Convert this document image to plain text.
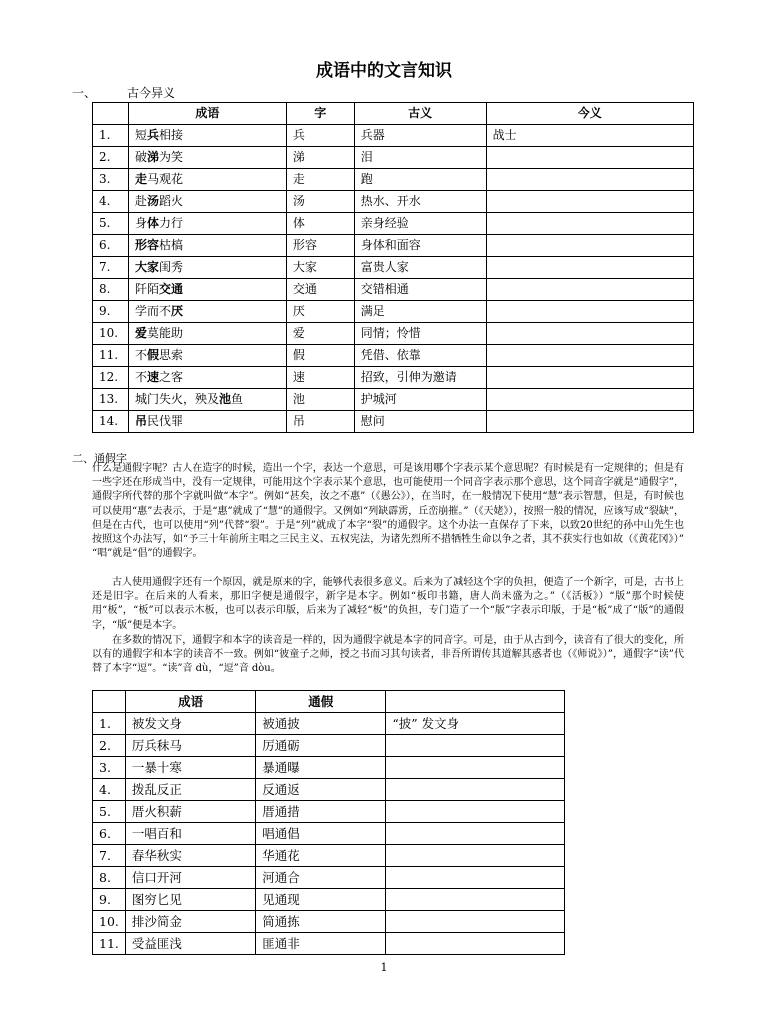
成语中的文言知识
一、	古今异义
	成语	字	古义	今义
1.	短兵相接	兵	兵器	战士
2.	破涕为笑	涕	泪	
3.	走马观花	走	跑	
4.	赴汤蹈火	汤	热水、开水	
5.	身体力行	体	亲身经验	
6.	形容枯槁	形容	身体和面容	
7.	大家闺秀	大家	富贵人家	
8.	阡陌交通	交通	交错相通	
9.	学而不厌	厌	满足	
10.	爱莫能助	爱	同情；怜惜	
11.	不假思索	假	凭借、依靠	
12.	不速之客	速	招致，引伸为邀请	
13.	城门失火，殃及池鱼	池	护城河	
14.	吊民伐罪	吊	慰问	
二、通假字
什么是通假字呢？古人在造字的时候，造出一个字，表达一个意思，可是该用哪个字表示某个意思呢？有时候是有一定规律的；但是有一些字还在形成当中，没有一定规律，可能用这个字表示某个意思，也可能使用一个同音字表示那个意思，这个同音字就是“通假字”，通假字所代替的那个字就叫做“本字”。例如“甚矣，汝之不惠”（《愚公》），在当时，在一般情况下使用“慧”表示智慧，但是，有时候也可以使用“惠”去表示，于是“惠”就成了“慧”的通假字。又例如“列缺霹雳，丘峦崩摧。”（《天姥》），按照一般的情况，应该写成“裂缺”，但是在古代，也可以使用“列”代替“裂”。于是“列”就成了本字“裂”的通假字。这个办法一直保存了下来，以致20世纪的孙中山先生也按照这个办法写，如“予三十年前所主唱之三民主义、五权宪法，为诸先烈所不措牺牲生命以争之者，其不获实行也如故（《黄花冈》）” “唱”就是“倡”的通假字。
古人使用通假字还有一个原因，就是原来的字，能够代表很多意义。后来为了减轻这个字的负担，便造了一个新字，可是，古书上还是旧字。在后来的人看来，那旧字便是通假字，新字是本字。例如“板印书籍，唐人尚未盛为之。”（《活板》）“版”那个时候使用“板”，“板”可以表示木板，也可以表示印版，后来为了减轻“板”的负担，专门造了一个“版”字表示印版，于是“板”成了“版”的通假字，“版”便是本字。
在多数的情况下，通假字和本字的读音是一样的，因为通假字就是本字的同音字。可是，由于从古到今，读音有了很大的变化，所以有的通假字和本字的读音不一致。例如“彼童子之师，授之书而习其句读者，非吾所谓传其道解其惑者也（《师说》）”，通假字“读”代替了本字“逗”。“读”音 dù，“逗”音 dòu。
	成语	通假	
1.	被发文身	被通披	“披” 发文身
2.	厉兵秣马	厉通砺	
3.	一暴十寒	暴通曝	
4.	拨乱反正	反通返	
5.	厝火积薪	厝通措	
6.	一唱百和	唱通倡	
7.	春华秋实	华通花	
8.	信口开河	河通合	
9.	图穷匕见	见通现	
10.	排沙简金	简通拣	
11.	受益匪浅	匪通非	
1
